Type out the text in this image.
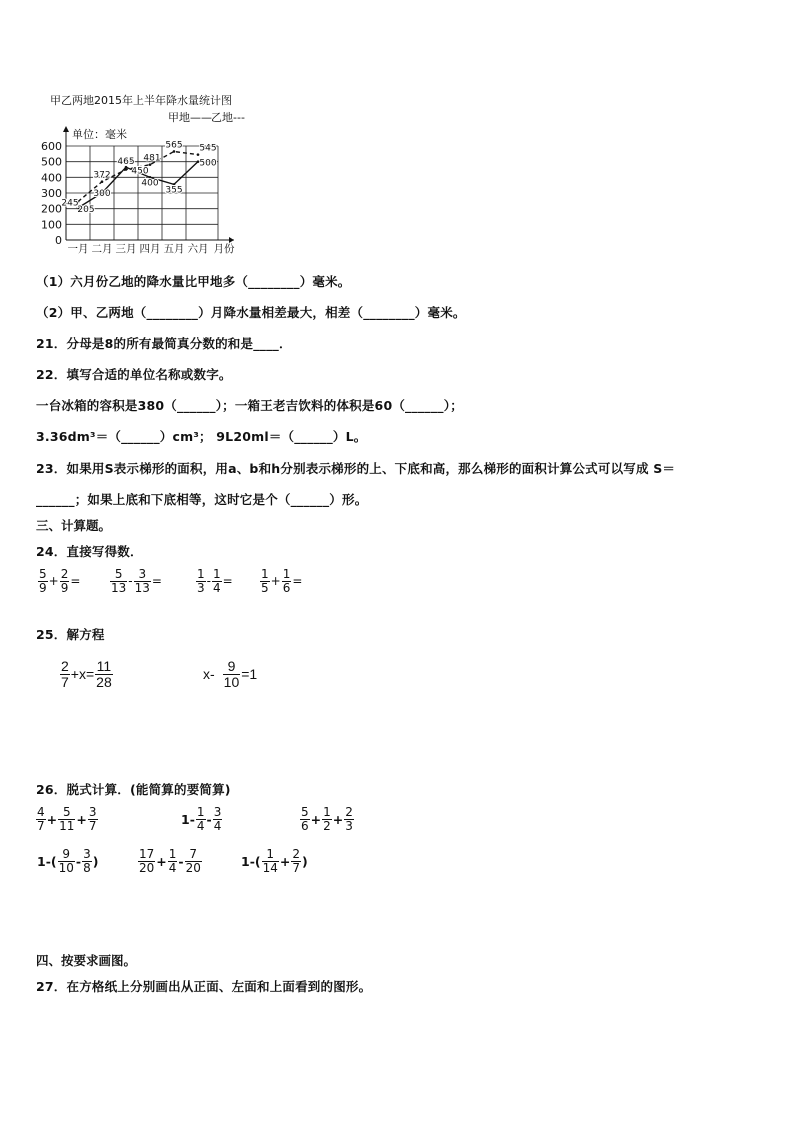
甲乙两地2015年上半年降水量统计图
甲地—— 乙地---
0
100
200
300
400
500
600
单位：毫米
一月 二月 三月 四月 五月 六月 月份
205
300
465
400
355
500
245
372 450
481
565 545
（1）六月份乙地的降水量比甲地多（________）毫米。
（2）甲、乙两地（________）月降水量相差最大，相差（________）毫米。
21．分母是8的所有最简真分数的和是____．
22．填写合适的单位名称或数字。
一台冰箱的容积是380（______）；一箱王老吉饮料的体积是60（______）；
3.36dm³＝（______）cm³； 9L20ml＝（______）L。
23．如果用S表示梯形的面积，用a、b和h分别表示梯形的上、下底和高，那么梯形的面积计算公式可以写成 S＝
______；如果上底和下底相等，这时它是个（______）形。
三、计算题。
24．直接写得数．
$\frac{5}{9} + \frac{2}{9} = \frac{5}{13} - \frac{3}{13}$ =	$\frac{1}{3} - \frac{1}{4} = \frac{1}{5} + \frac{1}{6}$ =
25．解方程
$\frac{2}{7} +x= \frac{11}{28}$	$x- \frac{9}{10} =1$
26．脱式计算．(能简算的要简算)
$\frac{4}{7} + \frac{5}{11} + \frac{3}{7}$	$1- \frac{1}{4} - \frac{3}{4}$	$\frac{5}{6} + \frac{1}{2} + \frac{2}{3}$
$1-( \frac{9}{10} - \frac{3}{8}$ )	$\frac{17}{20} + \frac{1}{4} - \frac{7}{20}$	$1-( \frac{1}{14} + \frac{2}{7}$ )
四、按要求画图。
27．在方格纸上分别画出从正面、左面和上面看到的图形。
